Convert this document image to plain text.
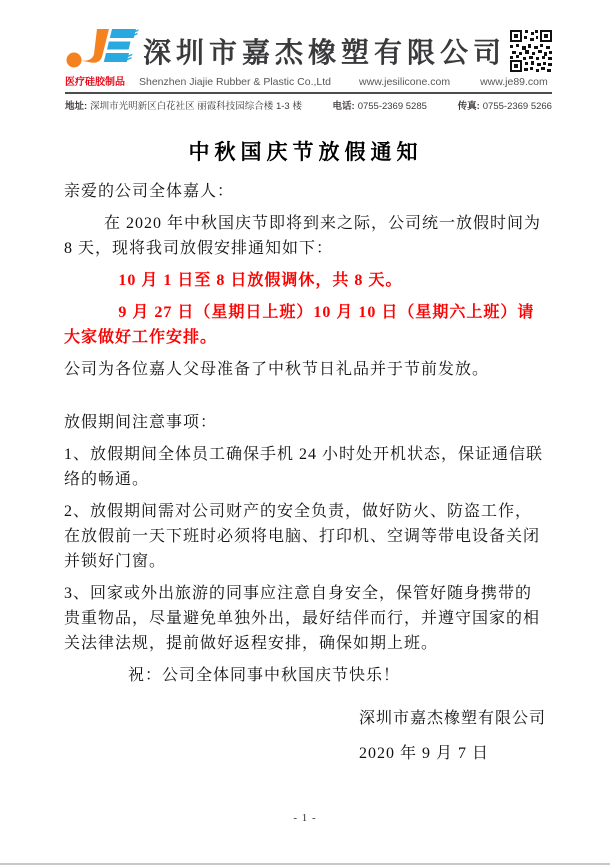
深圳市嘉杰橡塑有限公司
医疗硅胶制品	Shenzhen Jiajie Rubber & Plastic Co.,Ltd	www.jesilicone.com	www.je89.com
地址: 深圳市光明新区白花社区 丽霞科技园综合楼 1-3 楼	电话: 0755-2369 5285	传真: 0755-2369 5266
中秋国庆节放假通知

亲爱的公司全体嘉人：

在 2020 年中秋国庆节即将到来之际，公司统一放假时间为 8 天，现将我司放假安排通知如下：

10 月 1 日至 8 日放假调休，共 8 天。

9 月 27 日（星期日上班）10 月 10 日（星期六上班）请大家做好工作安排。

公司为各位嘉人父母准备了中秋节日礼品并于节前发放。

放假期间注意事项：

1、放假期间全体员工确保手机 24 小时处开机状态，保证通信联络的畅通。

2、放假期间需对公司财产的安全负责，做好防火、防盗工作，在放假前一天下班时必须将电脑、打印机、空调等带电设备关闭并锁好门窗。

3、回家或外出旅游的同事应注意自身安全，保管好随身携带的贵重物品，尽量避免单独外出，最好结伴而行，并遵守国家的相关法律法规，提前做好返程安排，确保如期上班。

祝：公司全体同事中秋国庆节快乐！

深圳市嘉杰橡塑有限公司

2020 年 9 月 7 日

- 1 -
